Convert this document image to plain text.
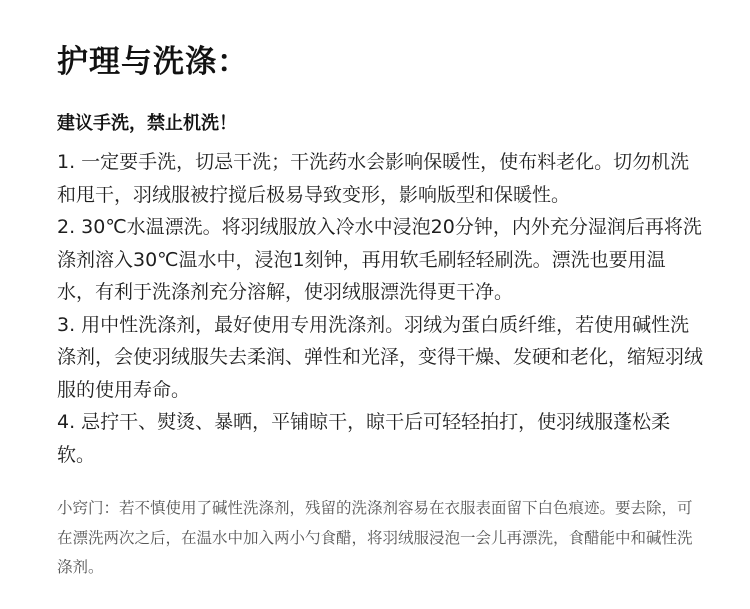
护理与洗涤：
建议手洗，禁止机洗！
1. 一定要手洗，切忌干洗；干洗药水会影响保暖性，使布料老化。切勿机洗和甩干，羽绒服被拧搅后极易导致变形，影响版型和保暖性。
2. 30℃水温漂洗。将羽绒服放入冷水中浸泡20分钟，内外充分湿润后再将洗涤剂溶入30℃温水中，浸泡1刻钟，再用软毛刷轻轻刷洗。漂洗也要用温水，有利于洗涤剂充分溶解，使羽绒服漂洗得更干净。
3. 用中性洗涤剂，最好使用专用洗涤剂。羽绒为蛋白质纤维，若使用碱性洗涤剂，会使羽绒服失去柔润、弹性和光泽，变得干燥、发硬和老化，缩短羽绒服的使用寿命。
4. 忌拧干、熨烫、暴晒，平铺晾干，晾干后可轻轻拍打，使羽绒服蓬松柔软。
小窍门：若不慎使用了碱性洗涤剂，残留的洗涤剂容易在衣服表面留下白色痕迹。要去除，可在漂洗两次之后，在温水中加入两小勺食醋，将羽绒服浸泡一会儿再漂洗，食醋能中和碱性洗涤剂。
